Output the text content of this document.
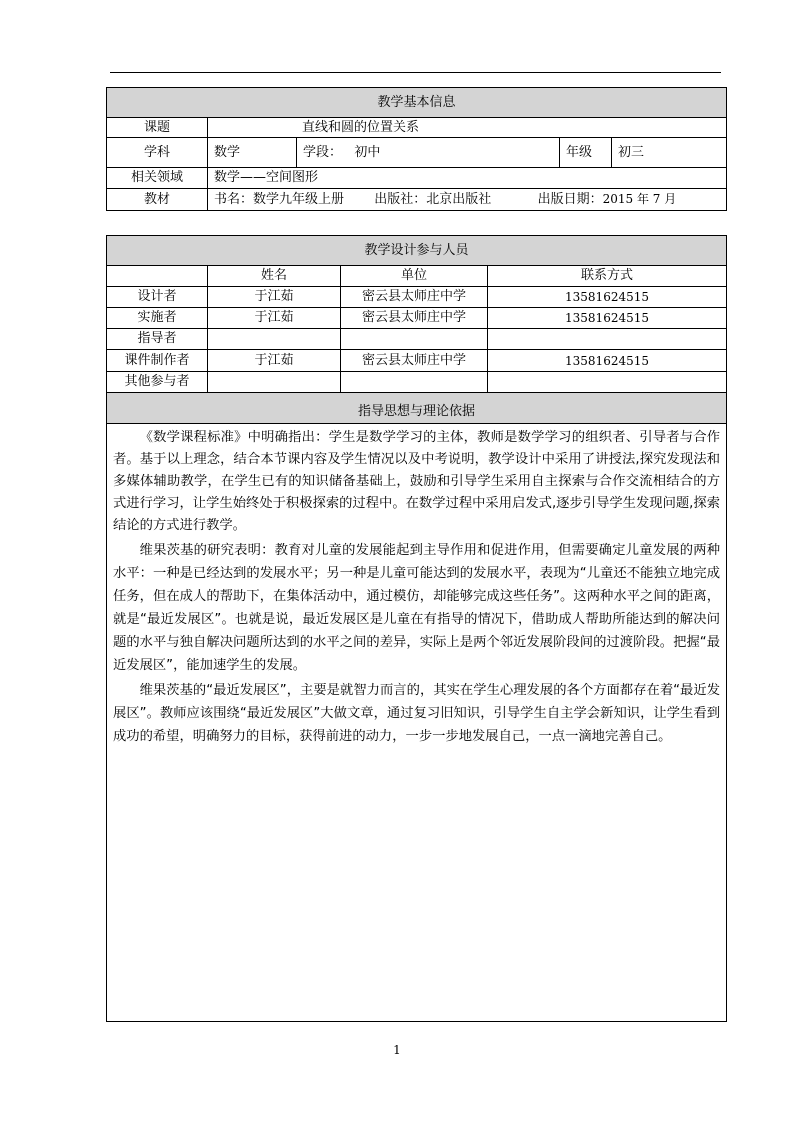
教学基本信息				
课题	直线和圆的位置关系			
学科	数学	学段： 初中	年级	初三
相关领域	数学——空间图形			
教材	书名：数学九年级上册 出版社：北京出版社 出版日期：2015 年 7 月			
教学设计参与人员			
	姓名	单位	联系方式
设计者	于江茹	密云县太师庄中学	13581624515
实施者	于江茹	密云县太师庄中学	13581624515
指导者			
课件制作者	于江茹	密云县太师庄中学	13581624515
其他参与者			
指导思想与理论依据			

《数学课程标准》中明确指出：学生是数学学习的主体，教师是数学学习的组织者、引导者与合作者。基于以上理念，结合本节课内容及学生情况以及中考说明，教学设计中采用了讲授法,探究发现法和多媒体辅助教学，在学生已有的知识储备基础上，鼓励和引导学生采用自主探索与合作交流相结合的方式进行学习，让学生始终处于积极探索的过程中。在数学过程中采用启发式,逐步引导学生发现问题,探索结论的方式进行教学。

维果茨基的研究表明：教育对儿童的发展能起到主导作用和促进作用，但需要确定儿童发展的两种水平：一种是已经达到的发展水平；另一种是儿童可能达到的发展水平，表现为“儿童还不能独立地完成任务，但在成人的帮助下，在集体活动中，通过模仿，却能够完成这些任务”。这两种水平之间的距离，就是“最近发展区”。也就是说，最近发展区是儿童在有指导的情况下，借助成人帮助所能达到的解决问题的水平与独自解决问题所达到的水平之间的差异，实际上是两个邻近发展阶段间的过渡阶段。把握“最近发展区”，能加速学生的发展。

维果茨基的“最近发展区”，主要是就智力而言的，其实在学生心理发展的各个方面都存在着“最近发展区”。教师应该围绕“最近发展区”大做文章，通过复习旧知识，引导学生自主学会新知识，让学生看到成功的希望，明确努力的目标，获得前进的动力，一步一步地发展自己，一点一滴地完善自己。			

1
